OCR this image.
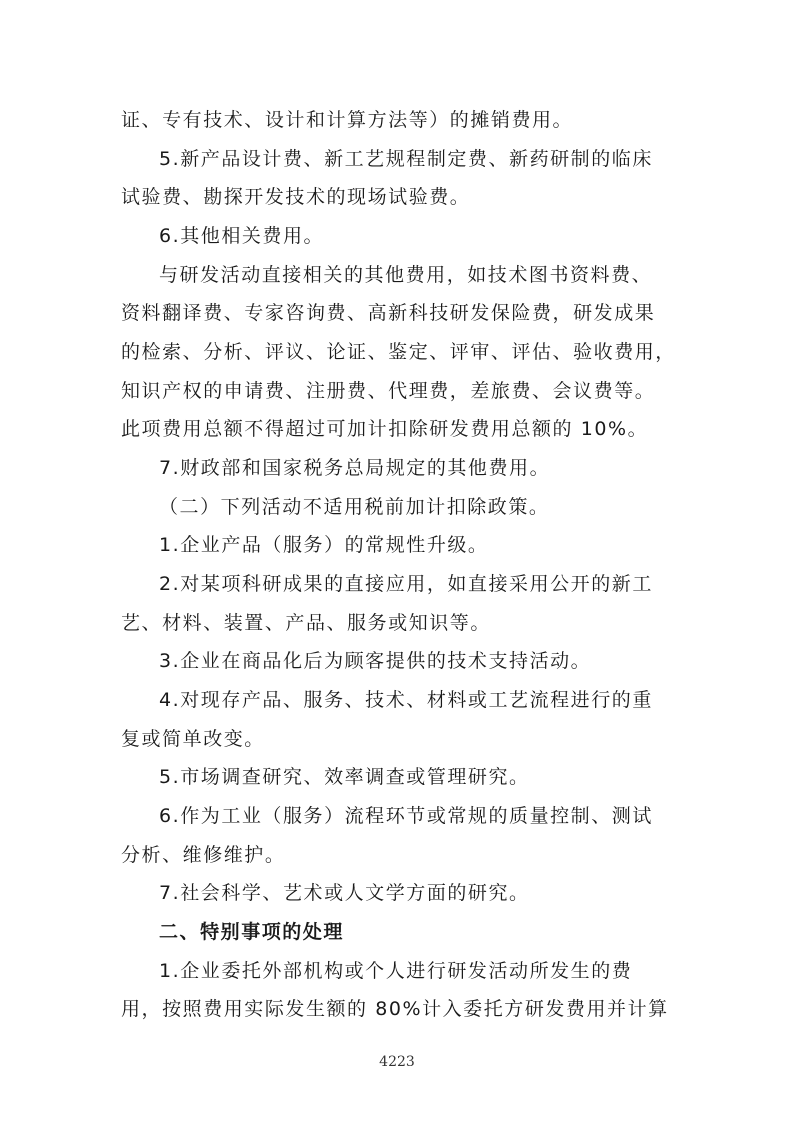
证、专有技术、设计和计算方法等）的摊销费用。
5.新产品设计费、新工艺规程制定费、新药研制的临床
试验费、勘探开发技术的现场试验费。
6.其他相关费用。
与研发活动直接相关的其他费用，如技术图书资料费、
资料翻译费、专家咨询费、高新科技研发保险费，研发成果
的检索、分析、评议、论证、鉴定、评审、评估、验收费用，
知识产权的申请费、注册费、代理费，差旅费、会议费等。
此项费用总额不得超过可加计扣除研发费用总额的 10%。
7.财政部和国家税务总局规定的其他费用。
（二）下列活动不适用税前加计扣除政策。
1.企业产品（服务）的常规性升级。
2.对某项科研成果的直接应用，如直接采用公开的新工
艺、材料、装置、产品、服务或知识等。
3.企业在商品化后为顾客提供的技术支持活动。
4.对现存产品、服务、技术、材料或工艺流程进行的重
复或简单改变。
5.市场调查研究、效率调查或管理研究。
6.作为工业（服务）流程环节或常规的质量控制、测试
分析、维修维护。
7.社会科学、艺术或人文学方面的研究。
二、特别事项的处理
1.企业委托外部机构或个人进行研发活动所发生的费
用，按照费用实际发生额的 80%计入委托方研发费用并计算
4223
